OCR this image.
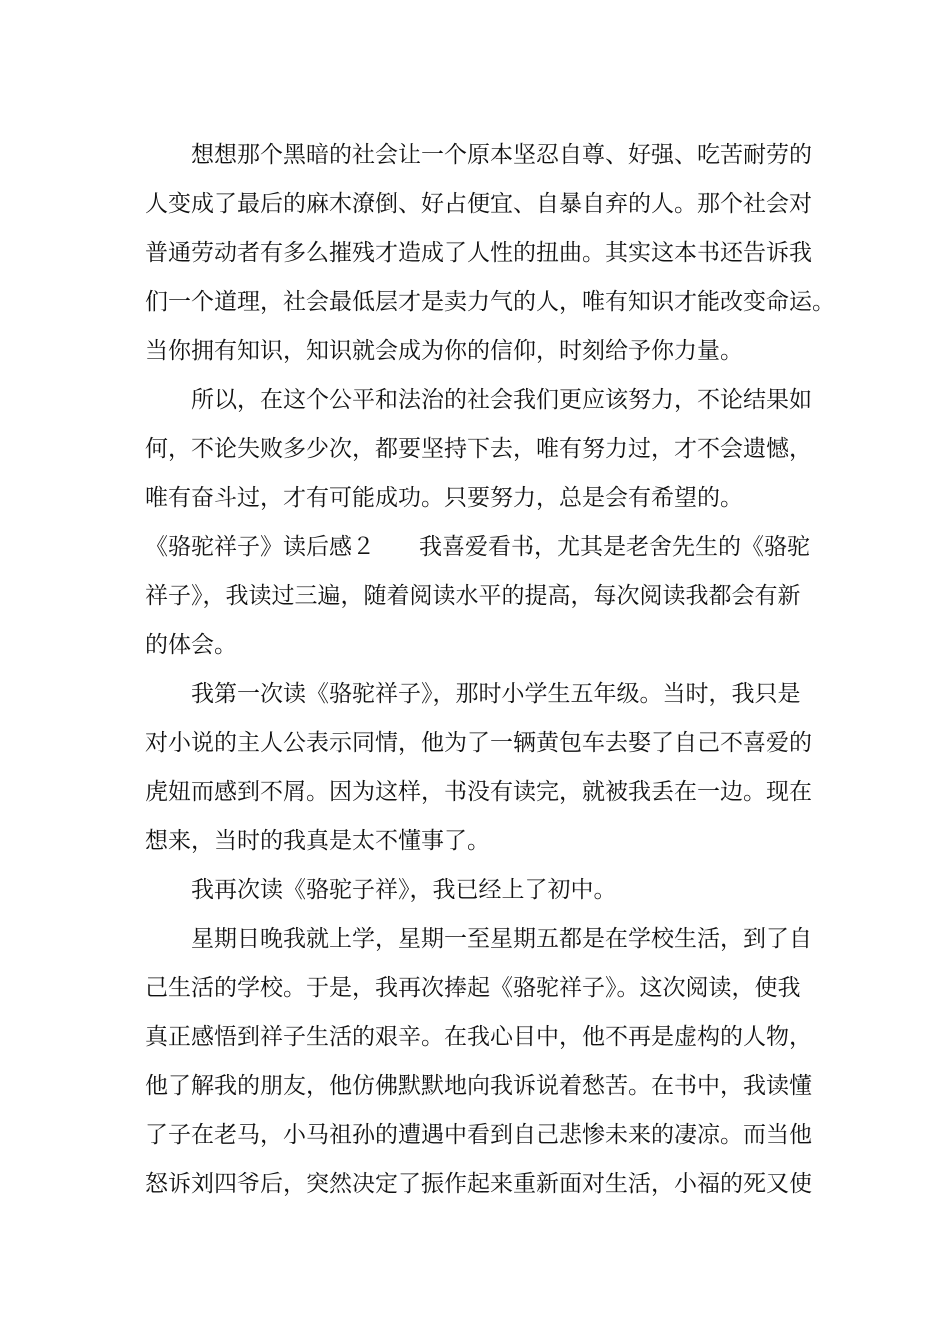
想想那个黑暗的社会让一个原本坚忍自尊、好强、吃苦耐劳的
人变成了最后的麻木潦倒、好占便宜、自暴自弃的人。那个社会对
普通劳动者有多么摧残才造成了人性的扭曲。其实这本书还告诉我
们一个道理，社会最低层才是卖力气的人，唯有知识才能改变命运。
当你拥有知识，知识就会成为你的信仰，时刻给予你力量。
所以，在这个公平和法治的社会我们更应该努力，不论结果如
何，不论失败多少次，都要坚持下去，唯有努力过，才不会遗憾，
唯有奋斗过，才有可能成功。只要努力，总是会有希望的。
《骆驼祥子》读后感２ 我喜爱看书，尤其是老舍先生的《骆驼
祥子》，我读过三遍，随着阅读水平的提高，每次阅读我都会有新
的体会。
我第一次读《骆驼祥子》，那时小学生五年级。当时，我只是
对小说的主人公表示同情，他为了一辆黄包车去娶了自己不喜爱的
虎妞而感到不屑。因为这样，书没有读完，就被我丢在一边。现在
想来，当时的我真是太不懂事了。
我再次读《骆驼子祥》，我已经上了初中。
星期日晚我就上学，星期一至星期五都是在学校生活，到了自
己生活的学校。于是，我再次捧起《骆驼祥子》。这次阅读，使我
真正感悟到祥子生活的艰辛。在我心目中，他不再是虚构的人物，
他了解我的朋友，他仿佛默默地向我诉说着愁苦。在书中，我读懂
了子在老马，小马祖孙的遭遇中看到自己悲惨未来的凄凉。而当他
怒诉刘四爷后，突然决定了振作起来重新面对生活，小福的死又使
